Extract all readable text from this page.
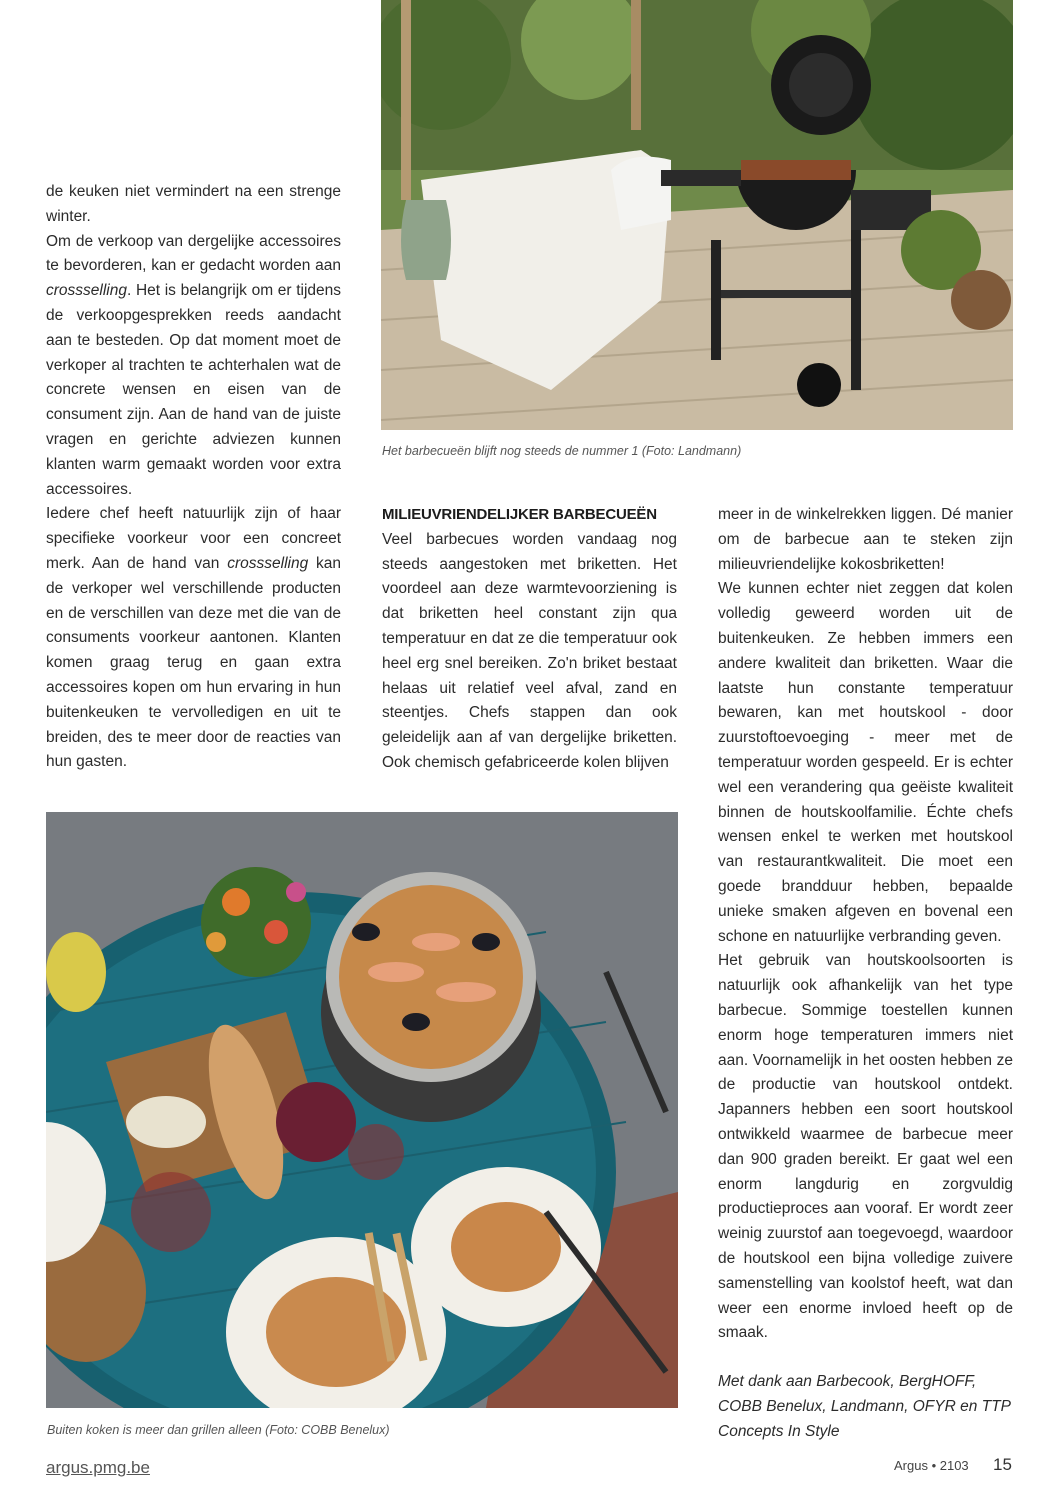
Het barbecueën blijft nog steeds de nummer 1 (Foto: Landmann)

de keuken niet vermindert na een strenge winter.

Om de verkoop van dergelijke accessoires te bevorderen, kan er gedacht worden aan crossselling. Het is belangrijk om er tijdens de verkoopgesprekken reeds aandacht aan te besteden. Op dat moment moet de verkoper al trachten te achterhalen wat de concrete wensen en eisen van de consument zijn. Aan de hand van de juiste vragen en gerichte adviezen kunnen klanten warm gemaakt worden voor extra accessoires.

Iedere chef heeft natuurlijk zijn of haar specifieke voorkeur voor een concreet merk. Aan de hand van crossselling kan de verkoper wel verschillende producten en de verschillen van deze met die van de consuments voorkeur aantonen. Klanten komen graag terug en gaan extra accessoires kopen om hun ervaring in hun buitenkeuken te vervolledigen en uit te breiden, des te meer door de reacties van hun gasten.

MILIEUVRIENDELIJKER BARBECUEËN

Veel barbecues worden vandaag nog steeds aangestoken met briketten. Het voordeel aan deze warmtevoorziening is dat briketten heel constant zijn qua temperatuur en dat ze die temperatuur ook heel erg snel bereiken. Zo'n briket bestaat helaas uit relatief veel afval, zand en steentjes. Chefs stappen dan ook geleidelijk aan af van dergelijke briketten. Ook chemisch gefabriceerde kolen blijven

meer in de winkelrekken liggen. Dé manier om de barbecue aan te steken zijn milieuvriendelijke kokosbriketten!

We kunnen echter niet zeggen dat kolen volledig geweerd worden uit de buitenkeuken. Ze hebben immers een andere kwaliteit dan briketten. Waar die laatste hun constante temperatuur bewaren, kan met houtskool - door zuurstoftoevoeging - meer met de temperatuur worden gespeeld. Er is echter wel een verandering qua geëiste kwaliteit binnen de houtskoolfamilie. Échte chefs wensen enkel te werken met houtskool van restaurantkwaliteit. Die moet een goede brandduur hebben, bepaalde unieke smaken afgeven en bovenal een schone en natuurlijke verbranding geven.

Het gebruik van houtskoolsoorten is natuurlijk ook afhankelijk van het type barbecue. Sommige toestellen kunnen enorm hoge temperaturen immers niet aan. Voornamelijk in het oosten hebben ze de productie van houtskool ontdekt. Japanners hebben een soort houtskool ontwikkeld waarmee de barbecue meer dan 900 graden bereikt. Er gaat wel een enorm langdurig en zorgvuldig productieproces aan vooraf. Er wordt zeer weinig zuurstof aan toegevoegd, waardoor de houtskool een bijna volledige zuivere samenstelling van koolstof heeft, wat dan weer een enorme invloed heeft op de smaak.

Buiten koken is meer dan grillen alleen (Foto: COBB Benelux)

Met dank aan Barbecook, BergHOFF, COBB Benelux, Landmann, OFYR en TTP Concepts In Style
argus.pmg.be	Argus • 2103 15
